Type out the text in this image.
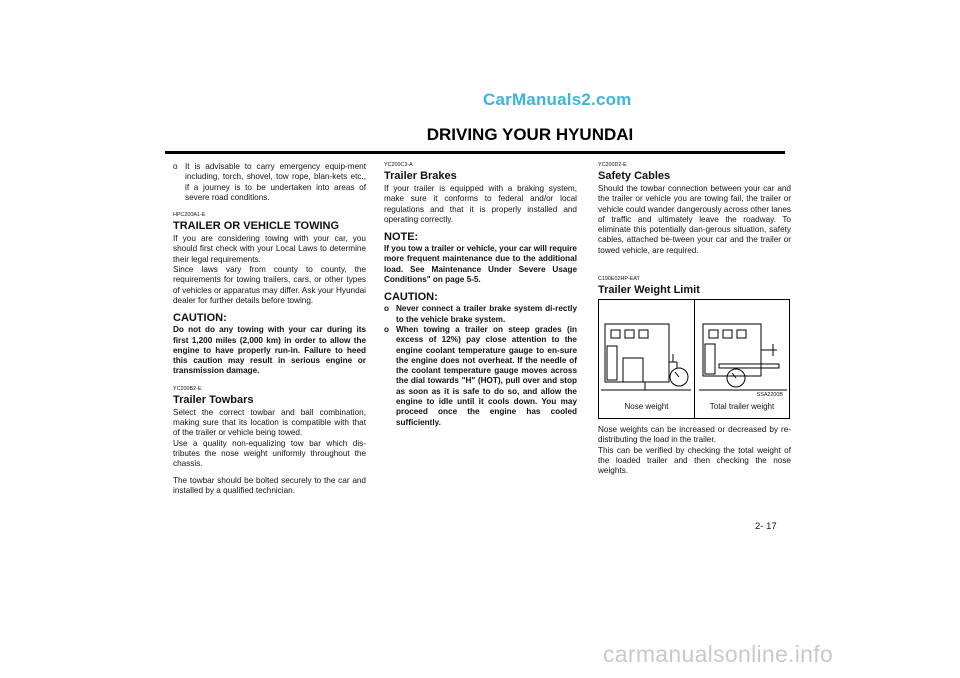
CarManuals2.com
DRIVING YOUR HYUNDAI
o It is advisable to carry emergency equip-ment including, torch, shovel, tow rope, blan-kets etc., if a journey is to be undertaken into areas of severe road conditions.
HPC200A1-E
TRAILER OR VEHICLE TOWING
If you are considering towing with your car, you should first check with your Local Laws to determine their legal requirements.
Since laws vary from county to county, the requirements for towing trailers, cars, or other types of vehicles or apparatus may differ. Ask your Hyundai dealer for further details before towing.
CAUTION:
Do not do any towing with your car during its first 1,200 miles (2,000 km) in order to allow the engine to have properly run-in. Failure to heed this caution may result in serious engine or transmission damage.
YC200B2-E
Trailer Towbars
Select the correct towbar and ball combination, making sure that its location is compatible with that of the trailer or vehicle being towed.
Use a quality non-equalizing tow bar which dis-tributes the nose weight uniformly throughout the chassis.
The towbar should be bolted securely to the car and installed by a qualified technician.
YC200C3-A
Trailer Brakes
If your trailer is equipped with a braking system, make sure it conforms to federal and/or local regulations and that it is properly installed and operating correctly.
NOTE:
If you tow a trailer or vehicle, your car will require more frequent maintenance due to the additional load. See Maintenance Under Severe Usage Conditions" on page 5-5.
CAUTION:
o Never connect a trailer brake system di-rectly to the vehicle brake system.
o When towing a trailer on steep grades (in excess of 12%) pay close attention to the engine coolant temperature gauge to en-sure the engine does not overheat. If the needle of the coolant temperature gauge moves across the dial towards "H" (HOT), pull over and stop as soon as it is safe to do so, and allow the engine to idle until it cools down. You may proceed once the engine has cooled sufficiently.
YC200D2-E
Safety Cables
Should the towbar connection between your car and the trailer or vehicle you are towing fail, the trailer or vehicle could wander dangerously across other lanes of traffic and ultimately leave the roadway. To eliminate this potentially dan-gerous situation, safety cables, attached be-tween your car and the trailer or towed vehicle, are required.
C190E02HP-EAT
Trailer Weight Limit
SSA2200B
Nose weight	Total trailer weight
Nose weights can be increased or decreased by re-distributing the load in the trailer.
This can be verified by checking the total weight of the loaded trailer and then checking the nose weights.
2- 17
carmanualsonline.info
